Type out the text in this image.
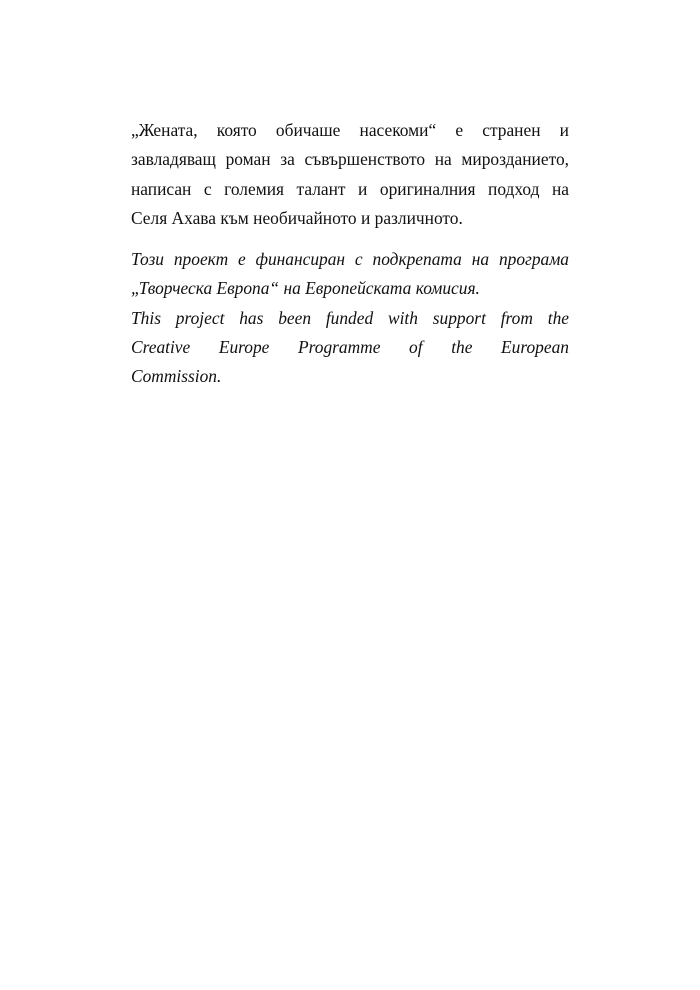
„Жената, която обичаше насекоми“ е странен и
завладяващ роман за съвършенството на мирозданието,
написан с големия талант и оригиналния подход на
Селя Ахава към необичайното и различното.

Този проект е финансиран с подкрепата на програма
„Творческа Европа“ на Европейската комисия.

This project has been funded with support from the
Creative Europe Programme of the European
Commission.
